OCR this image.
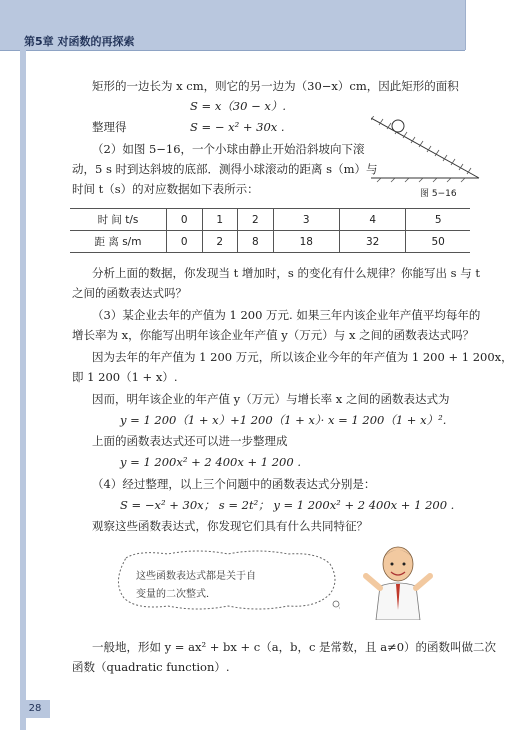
第5章 对函数的再探索
矩形的一边长为 x cm，则它的另一边为（30−x）cm，因此矩形的面积
S = x（30 − x）.
整理得	S = − x² + 30x .
（2）如图 5−16，一个小球由静止开始沿斜坡向下滚
动，5 s 时到达斜坡的底部．测得小球滚动的距离 s（m）与
时间 t（s）的对应数据如下表所示：	图 5−16
时 间 t/s	0	1	2	3	4	5
距 离 s/m	0	2	8	18	32	50
分析上面的数据，你发现当 t 增加时，s 的变化有什么规律？你能写出 s 与 t
之间的函数表达式吗？
（3）某企业去年的产值为 1 200 万元. 如果三年内该企业年产值平均每年的
增长率为 x，你能写出明年该企业年产值 y（万元）与 x 之间的函数表达式吗？
因为去年的年产值为 1 200 万元，所以该企业今年的年产值为 1 200 + 1 200x，
即 1 200（1 + x）.
因而，明年该企业的年产值 y（万元）与增长率 x 之间的函数表达式为
y = 1 200（1 + x）+1 200（1 + x）· x = 1 200（1 + x）².
上面的函数表达式还可以进一步整理成
y = 1 200x² + 2 400x + 1 200 .
（4）经过整理，以上三个问题中的函数表达式分别是：
S = −x² + 30x； s = 2t²； y = 1 200x² + 2 400x + 1 200 .
观察这些函数表达式，你发现它们具有什么共同特征？
这些函数表达式都是关于自
变量的二次整式．
一般地，形如 y = ax² + bx + c（a，b，c 是常数，且 a≠0）的函数叫做二次
函数（quadratic function）.
28
